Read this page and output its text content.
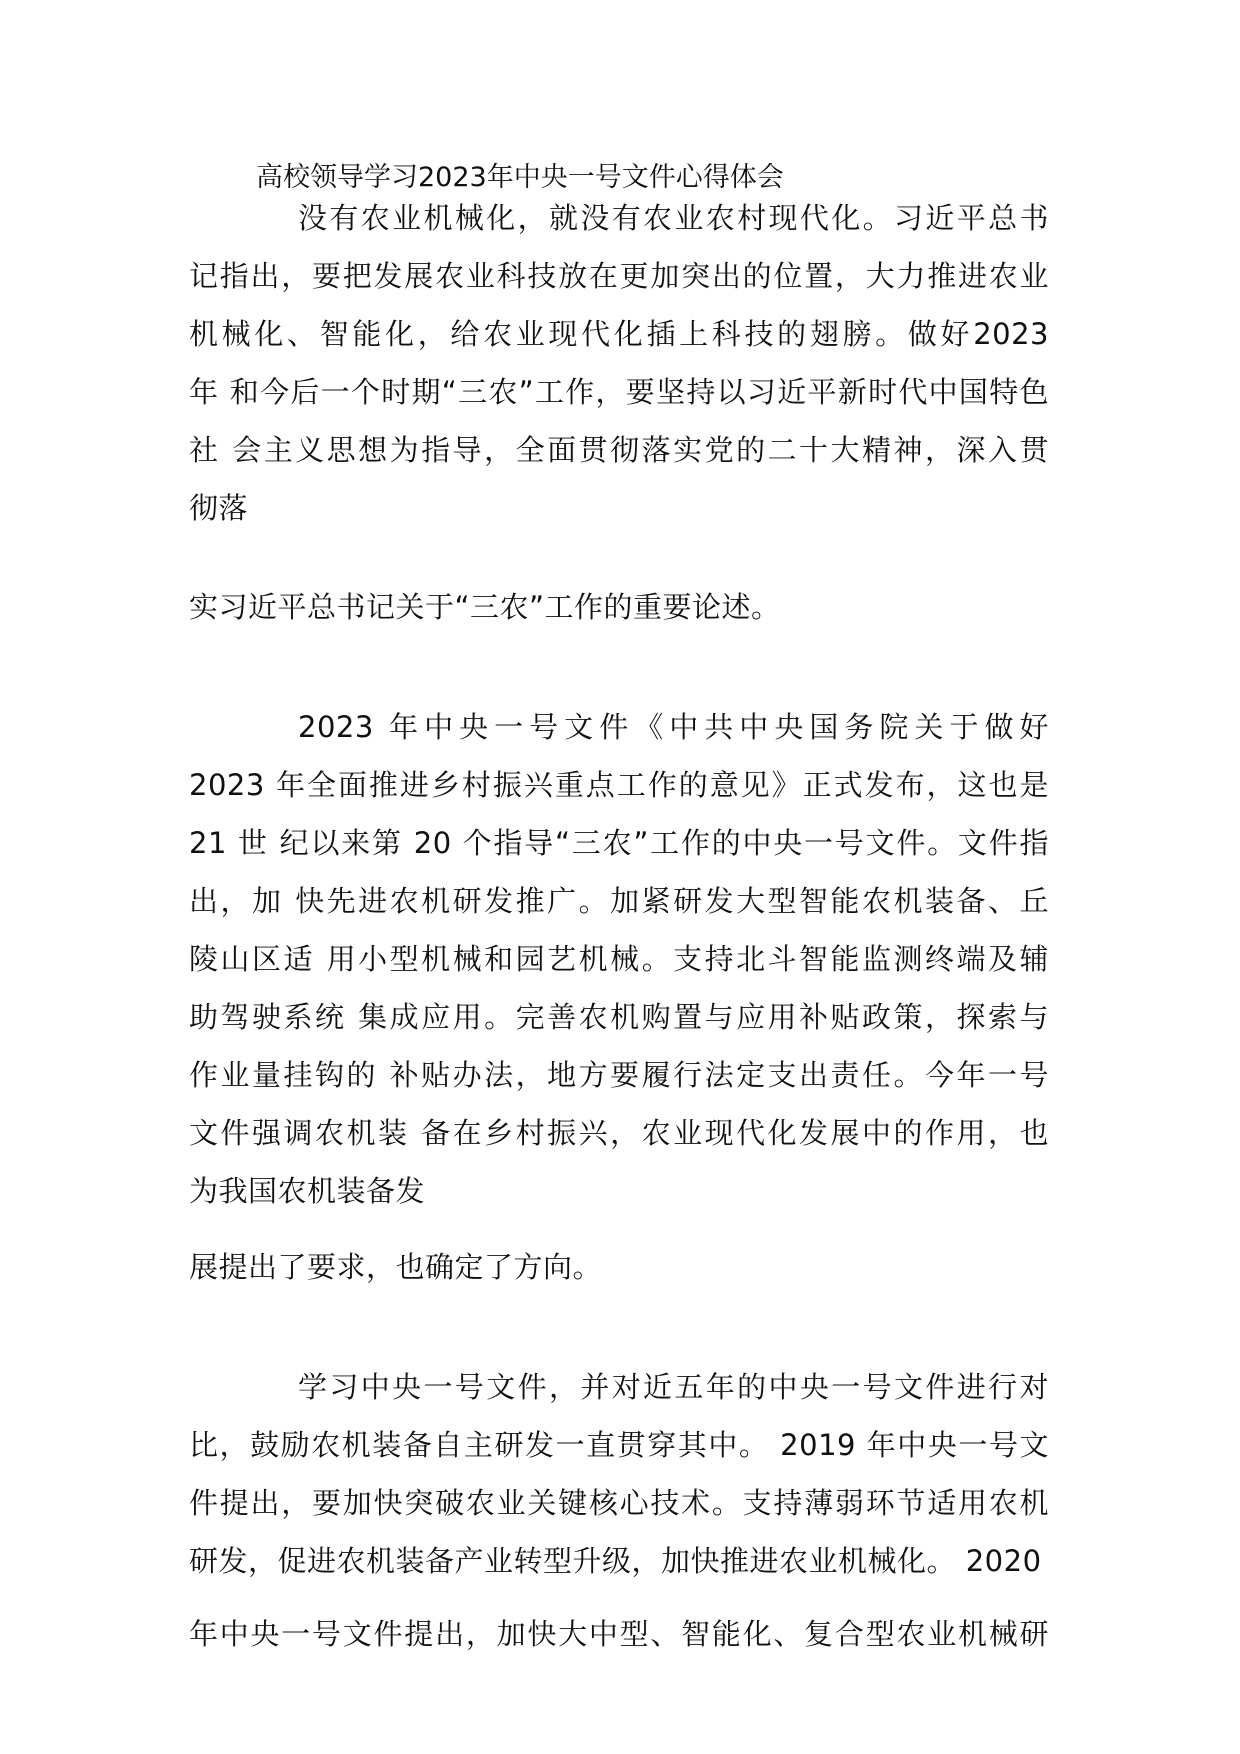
高校领导学习2023年中央一号文件心得体会
没有农业机械化，就没有农业农村现代化。习近平总书
记指出，要把发展农业科技放在更加突出的位置，大力推进农业
机械化、智能化，给农业现代化插上科技的翅膀。做好2023
年 和今后一个时期“三农”工作，要坚持以习近平新时代中国特色
社 会主义思想为指导，全面贯彻落实党的二十大精神，深入贯
彻落
实习近平总书记关于“三农”工作的重要论述。
2023 年中央一号文件《中共中央国务院关于做好
2023 年全面推进乡村振兴重点工作的意见》正式发布，这也是
21 世 纪以来第 20 个指导“三农”工作的中央一号文件。文件指
出，加 快先进农机研发推广。加紧研发大型智能农机装备、丘
陵山区适 用小型机械和园艺机械。支持北斗智能监测终端及辅
助驾驶系统 集成应用。完善农机购置与应用补贴政策，探索与
作业量挂钩的 补贴办法，地方要履行法定支出责任。今年一号
文件强调农机装 备在乡村振兴，农业现代化发展中的作用，也
为我国农机装备发
展提出了要求，也确定了方向。
学习中央一号文件，并对近五年的中央一号文件进行对
比，鼓励农机装备自主研发一直贯穿其中。 2019 年中央一号文
件提出，要加快突破农业关键核心技术。支持薄弱环节适用农机
研发，促进农机装备产业转型升级，加快推进农业机械化。 2020
年中央一号文件提出，加快大中型、智能化、复合型农业机械研
